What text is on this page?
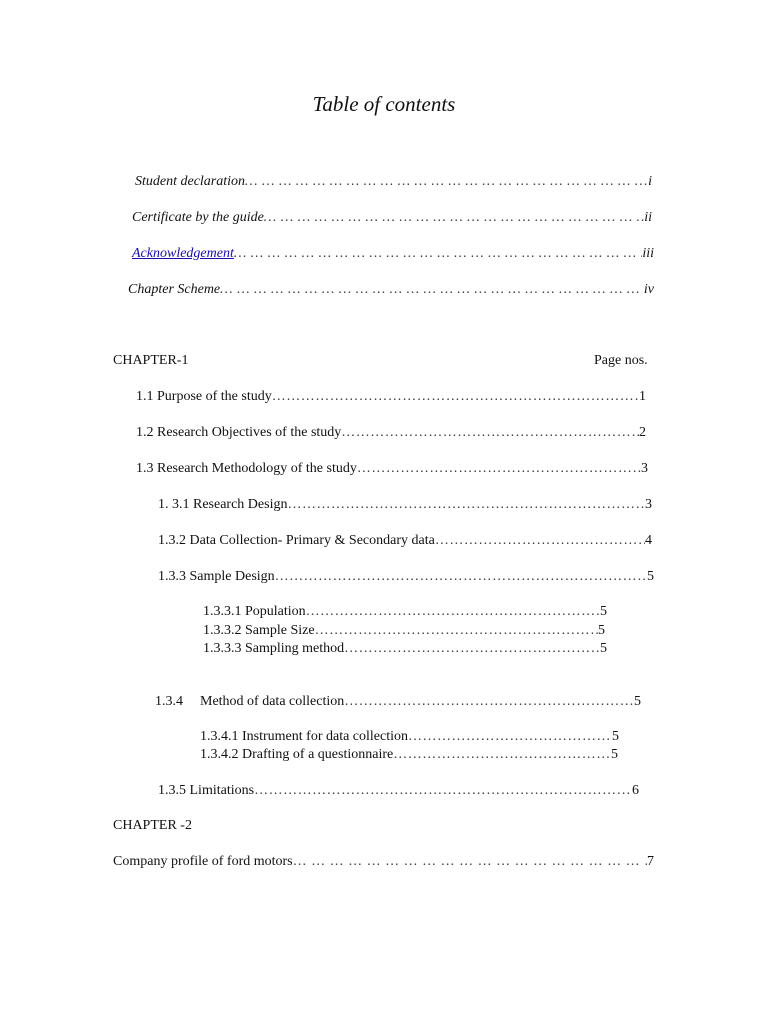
Table of contents
Student declaration … … … … … … … … … … … … … … … … … … … … … … … … … … … … … … … … … … … … … … … … … … … … … … … … … … … … … … … … … …	i
Certificate by the guide … … … … … … … … … … … … … … … … … … … … … … … … … … … … … … … … … … … … … … … … … … … … … … … … … … … … … … … … … …	ii
Acknowledgement … … … … … … … … … … … … … … … … … … … … … … … … … … … … … … … … … … … … … … … … … … … … … … … … … … … … … … … … … …	iii
Chapter Scheme … … … … … … … … … … … … … … … … … … … … … … … … … … … … … … … … … … … … … … … … … … … … … … … … … … … … … … … … … …	iv
CHAPTER-1	Page nos.
1.1 Purpose of the study …………………………………………………………………………………………………………………………………………………………………………………………………………………………………………	1
1.2 Research Objectives of the study …………………………………………………………………………………………………………………………………………………………………………………………………………………………………………	2
1.3 Research Methodology of the study …………………………………………………………………………………………………………………………………………………………………………………………………………………………………………	3
1. 3.1 Research Design …………………………………………………………………………………………………………………………………………………………………………………………………………………………………………	3
1.3.2 Data Collection- Primary & Secondary data …………………………………………………………………………………………………………………………………………………………………………………………………………………………………………	4
1.3.3 Sample Design …………………………………………………………………………………………………………………………………………………………………………………………………………………………………………	5
1.3.3.1 Population …………………………………………………………………………………………………………………………………………………………………………………………………………………………………………	5
1.3.3.2 Sample Size …………………………………………………………………………………………………………………………………………………………………………………………………………………………………………	5
1.3.3.3 Sampling method …………………………………………………………………………………………………………………………………………………………………………………………………………………………………………	5
1.3.4	Method of data collection …………………………………………………………………………………………………………………………………………………………………………………………………………………………………………	5
1.3.4.1 Instrument for data collection …………………………………………………………………………………………………………………………………………………………………………………………………………………………………………	5
1.3.4.2 Drafting of a questionnaire …………………………………………………………………………………………………………………………………………………………………………………………………………………………………………	5
1.3.5 Limitations …………………………………………………………………………………………………………………………………………………………………………………………………………………………………………	6
CHAPTER -2
Company profile of ford motors … … … … … … … … … … … … … … … … … … … … … … … … … … … … … … … … … … … … … … … … … … … … … … … … … … … … … … … … … …	7
